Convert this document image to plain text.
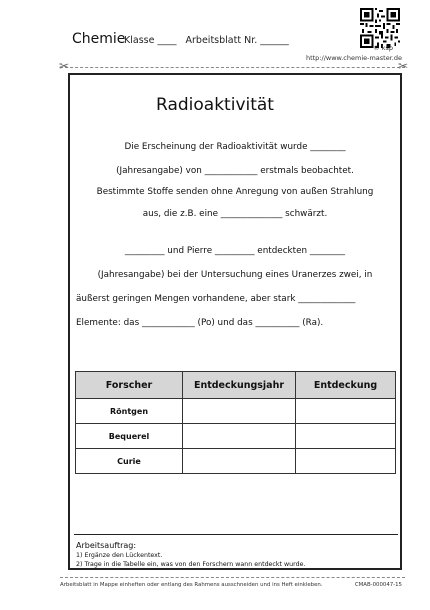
Chemie
Klasse ____ Arbeitsblatt Nr. ______
© ksp
http://www.chemie-master.de
✂	✂
Radioaktivität
Die Erscheinung der Radioaktivität wurde ________
(Jahresangabe) von ____________ erstmals beobachtet.
Bestimmte Stoffe senden ohne Anregung von außen Strahlung
aus, die z.B. eine ______________ schwärzt.
_________ und Pierre _________ entdeckten ________
(Jahresangabe) bei der Untersuchung eines Uranerzes zwei, in
äußerst geringen Mengen vorhandene, aber stark _____________
Elemente: das ____________ (Po) und das __________ (Ra).
Forscher	Entdeckungsjahr	Entdeckung
Röntgen		
Bequerel		
Curie		
Arbeitsauftrag:
1) Ergänze den Lückentext.
2) Trage in die Tabelle ein, was von den Forschern wann entdeckt wurde.
Arbeitsblatt in Mappe einheften oder entlang des Rahmens ausschneiden und ins Heft einkleben.	CMAB-000047-15
